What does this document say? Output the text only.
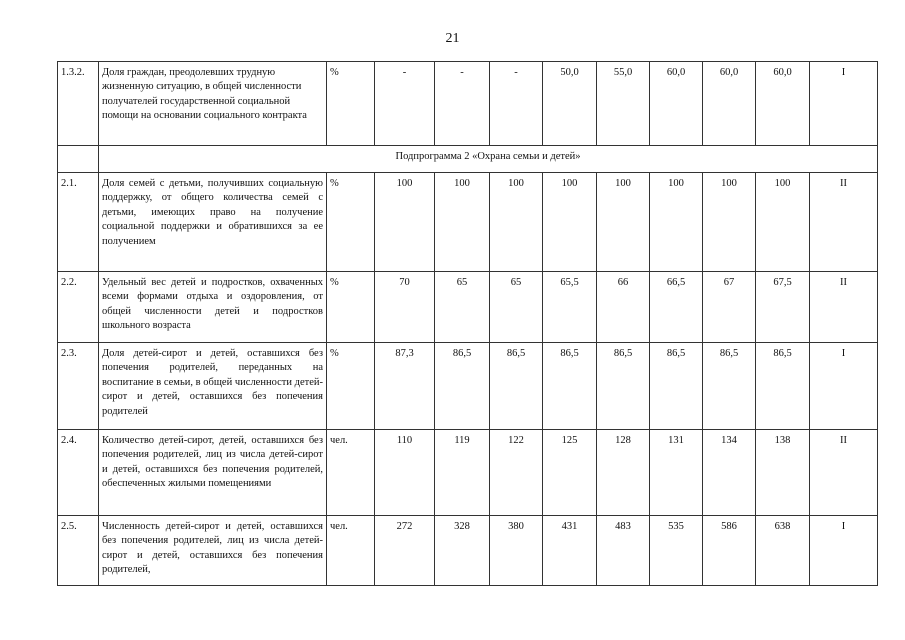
21
1.3.2.	Доля граждан, преодолевших трудную жизненную ситуацию, в общей численности получателей государственной социальной помощи на основании социального контракта	%	-	-	-	50,0	55,0	60,0	60,0	60,0	I
	Подпрограмма 2 «Охрана семьи и детей»										
2.1.	Доля семей с детьми, получивших социальную поддержку, от общего количества семей с детьми, имеющих право на получение социальной поддержки и обратившихся за ее получением	%	100	100	100	100	100	100	100	100	II
2.2.	Удельный вес детей и подростков, охваченных всеми формами отдыха и оздоровления, от общей численности детей и подростков школьного возраста	%	70	65	65	65,5	66	66,5	67	67,5	II
2.3.	Доля детей-сирот и детей, оставшихся без попечения родителей, переданных на воспитание в семьи, в общей численности детей-сирот и детей, оставшихся без попечения родителей	%	87,3	86,5	86,5	86,5	86,5	86,5	86,5	86,5	I
2.4.	Количество детей-сирот, детей, оставшихся без попечения родителей, лиц из числа детей-сирот и детей, оставшихся без попечения родителей, обеспеченных жилыми помещениями	чел.	110	119	122	125	128	131	134	138	II
2.5.	Численность детей-сирот и детей, оставшихся без попечения родителей, лиц из числа детей-сирот и детей, оставшихся без попечения родителей,	чел.	272	328	380	431	483	535	586	638	I
